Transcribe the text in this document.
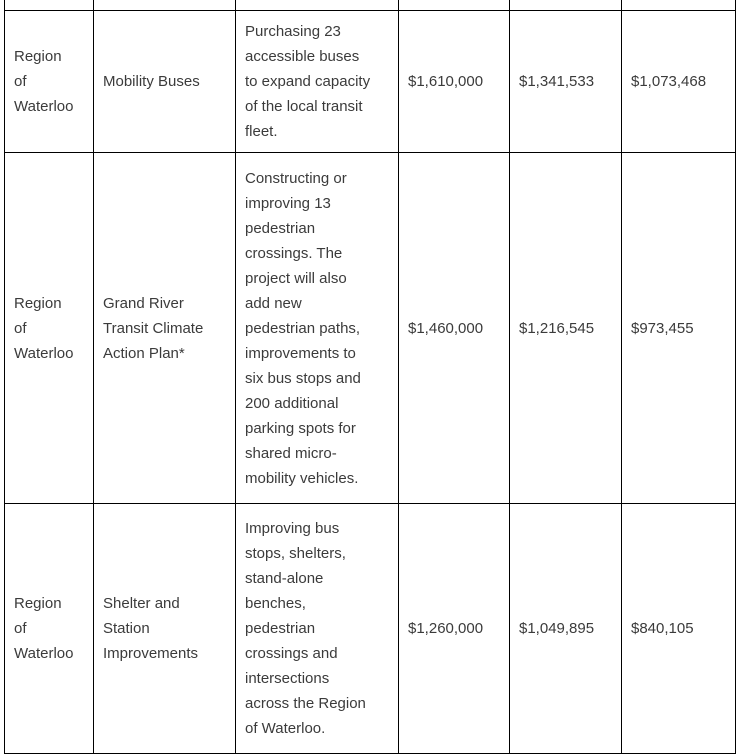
Region of Waterloo	Mobility Buses	Purchasing 23 accessible buses to expand capacity of the local transit fleet.	$1,610,000	$1,341,533	$1,073,468

Region of Waterloo	Grand River Transit Climate Action Plan*	Constructing or improving 13 pedestrian crossings. The project will also add new pedestrian paths, improvements to six bus stops and 200 additional parking spots for shared micro-mobility vehicles.	$1,460,000	$1,216,545	$973,455

Region of Waterloo	Shelter and Station Improvements	Improving bus stops, shelters, stand-alone benches, pedestrian crossings and intersections across the Region of Waterloo.	$1,260,000	$1,049,895	$840,105
